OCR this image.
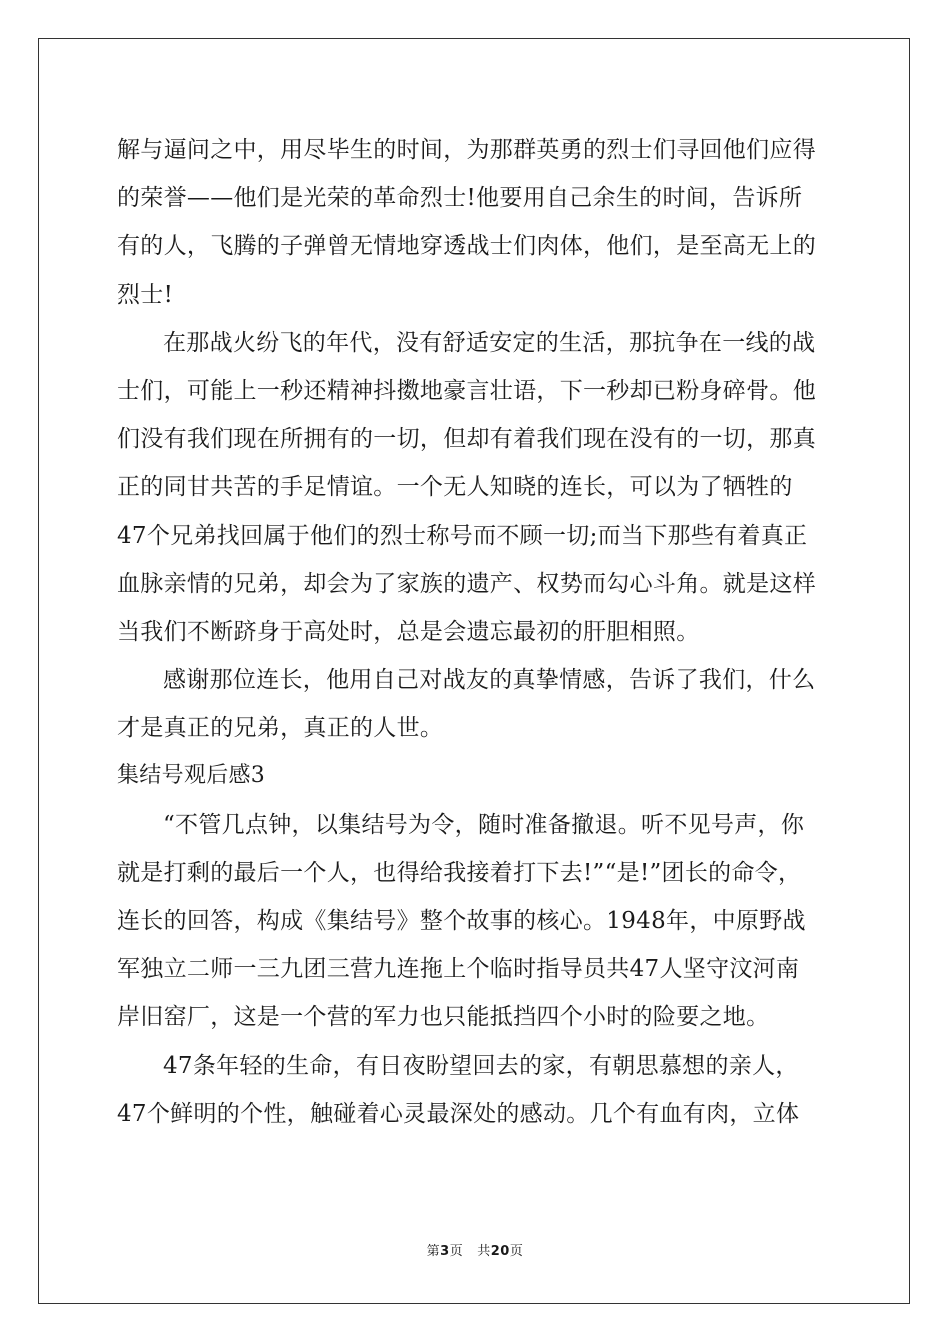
解与逼问之中，用尽毕生的时间，为那群英勇的烈士们寻回他们应得
的荣誉——他们是光荣的革命烈士!他要用自己余生的时间，告诉所
有的人，飞腾的子弹曾无情地穿透战士们肉体，他们，是至高无上的
烈士!
在那战火纷飞的年代，没有舒适安定的生活，那抗争在一线的战
士们，可能上一秒还精神抖擞地豪言壮语，下一秒却已粉身碎骨。他
们没有我们现在所拥有的一切，但却有着我们现在没有的一切，那真
正的同甘共苦的手足情谊。一个无人知晓的连长，可以为了牺牲的
47个兄弟找回属于他们的烈士称号而不顾一切;而当下那些有着真正
血脉亲情的兄弟，却会为了家族的遗产、权势而勾心斗角。就是这样
当我们不断跻身于高处时，总是会遗忘最初的肝胆相照。
感谢那位连长，他用自己对战友的真挚情感，告诉了我们，什么
才是真正的兄弟，真正的人世。
集结号观后感3
“不管几点钟，以集结号为令，随时准备撤退。听不见号声，你
就是打剩的最后一个人，也得给我接着打下去!”“是!”团长的命令，
连长的回答，构成《集结号》整个故事的核心。1948年，中原野战
军独立二师一三九团三营九连拖上个临时指导员共47人坚守汶河南
岸旧窑厂，这是一个营的军力也只能抵挡四个小时的险要之地。
47条年轻的生命，有日夜盼望回去的家，有朝思慕想的亲人，
47个鲜明的个性，触碰着心灵最深处的感动。几个有血有肉，立体
第3页 共20页
